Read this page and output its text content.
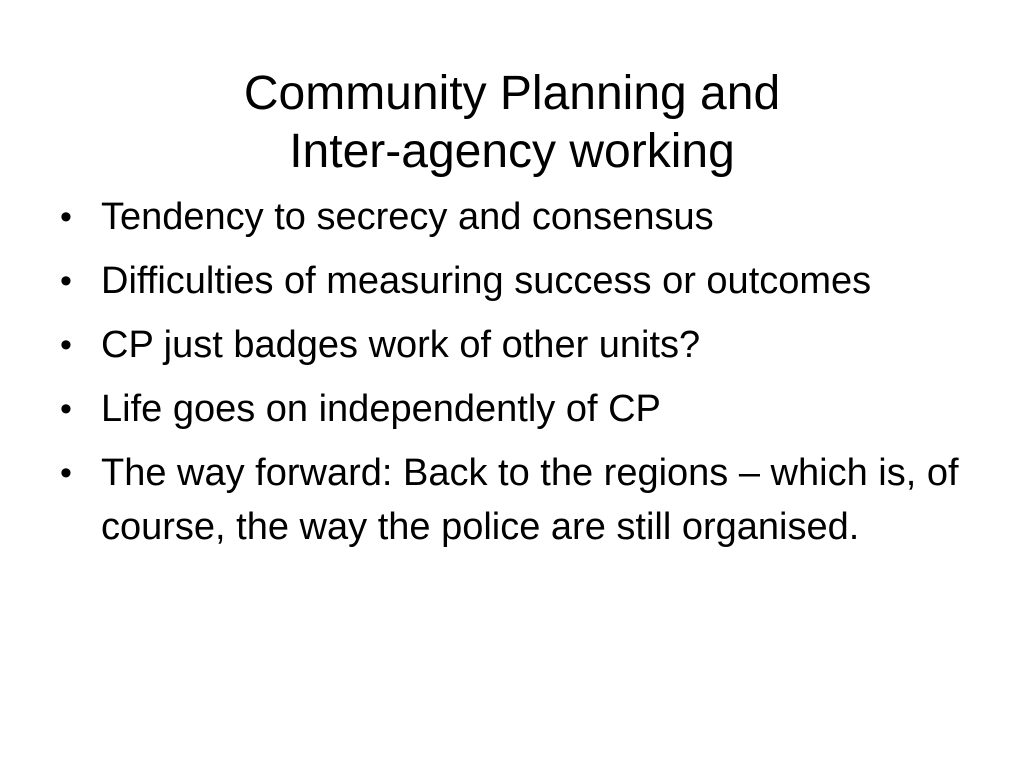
Community Planning and
Inter-agency working
• Tendency to secrecy and consensus
• Difficulties of measuring success or outcomes
• CP just badges work of other units?
• Life goes on independently of CP
• The way forward: Back to the regions – which is, of course, the way the police are still organised.
